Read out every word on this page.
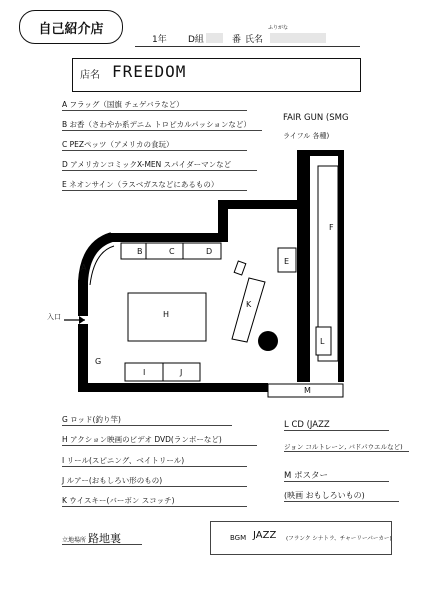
自己紹介店
1年 D組	番 氏名
ふりがな
店名 FREEDOM
A フラッグ（国旗 チェゲバラなど）
B お香（さわやか系デニム トロピカルパッションなど）
C PEZペッツ（アメリカの食玩）
D アメリカンコミックX-MEN スパイダーマンなど
E ネオンサイン（ラスベガスなどにあるもの）
FAIR GUN (SMG
ライフル 各種)
A
B	C	D
E
F
G
H
I	J
K
L
M
入口
G ロッド(釣り竿)
H アクション映画のビデオ DVD(ランボーなど)
I リール(スピニング、ベイトリール)
J ルアー(おもしろい形のもの)
K ウイスキー(バーボン スコッチ)
L CD (JAZZ
ジョン コルトレーン, バドパウエルなど)
M ポスター
(映画 おもしろいもの)
立地場所 路地裏	BGM JAZZ (フランク シナトラ、チャーリーパーカー)
